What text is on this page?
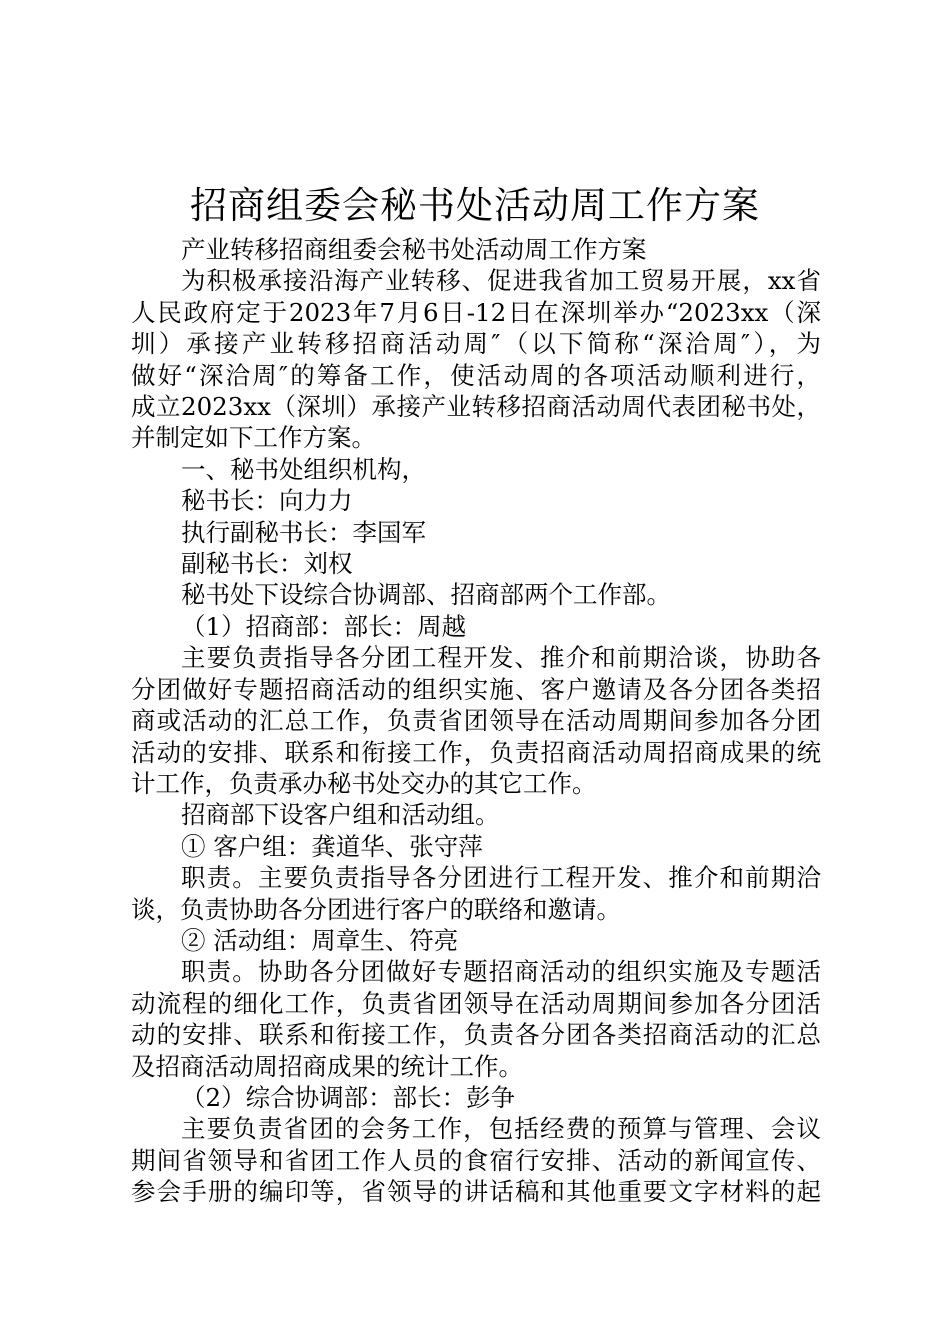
招商组委会秘书处活动周工作方案
产业转移招商组委会秘书处活动周工作方案
为积极承接沿海产业转移、促进我省加工贸易开展，xx省
人民政府定于2023年7月6日-12日在深圳举办“2023xx（深
圳）承接产业转移招商活动周″（以下简称“深洽周″），为
做好“深洽周″的筹备工作，使活动周的各项活动顺利进行，
成立2023xx（深圳）承接产业转移招商活动周代表团秘书处，
并制定如下工作方案。
一、秘书处组织机构，
秘书长：向力力
执行副秘书长：李国军
副秘书长：刘权
秘书处下设综合协调部、招商部两个工作部。
（1）招商部：部长：周越
主要负责指导各分团工程开发、推介和前期洽谈，协助各
分团做好专题招商活动的组织实施、客户邀请及各分团各类招
商或活动的汇总工作，负责省团领导在活动周期间参加各分团
活动的安排、联系和衔接工作，负责招商活动周招商成果的统
计工作，负责承办秘书处交办的其它工作。
招商部下设客户组和活动组。
① 客户组：龚道华、张守萍
职责。主要负责指导各分团进行工程开发、推介和前期洽
谈，负责协助各分团进行客户的联络和邀请。
② 活动组：周章生、符亮
职责。协助各分团做好专题招商活动的组织实施及专题活
动流程的细化工作，负责省团领导在活动周期间参加各分团活
动的安排、联系和衔接工作，负责各分团各类招商活动的汇总
及招商活动周招商成果的统计工作。
（2）综合协调部：部长：彭争
主要负责省团的会务工作，包括经费的预算与管理、会议
期间省领导和省团工作人员的食宿行安排、活动的新闻宣传、
参会手册的编印等，省领导的讲话稿和其他重要文字材料的起
